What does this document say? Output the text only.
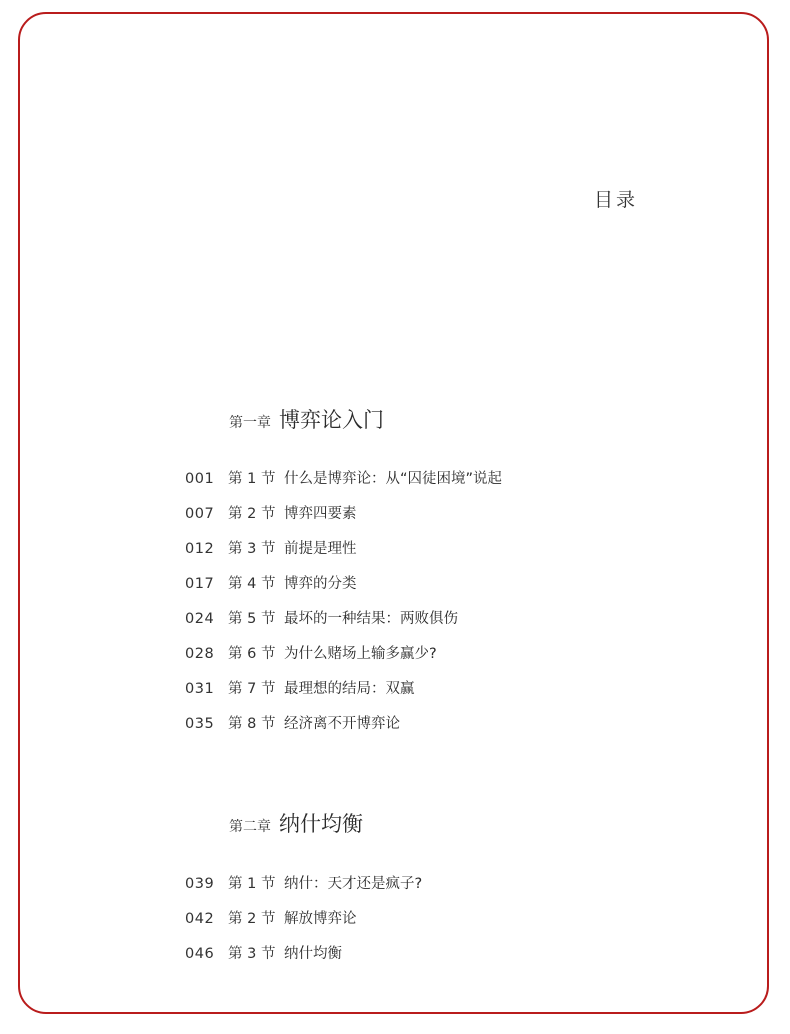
目录
第一章 博弈论入门
001 第 1 节 什么是博弈论：从“囚徒困境”说起
007 第 2 节 博弈四要素
012 第 3 节 前提是理性
017 第 4 节 博弈的分类
024 第 5 节 最坏的一种结果：两败俱伤
028 第 6 节 为什么赌场上输多赢少?
031 第 7 节 最理想的结局：双赢
035 第 8 节 经济离不开博弈论
第二章 纳什均衡
039 第 1 节 纳什：天才还是疯子?
042 第 2 节 解放博弈论
046 第 3 节 纳什均衡
